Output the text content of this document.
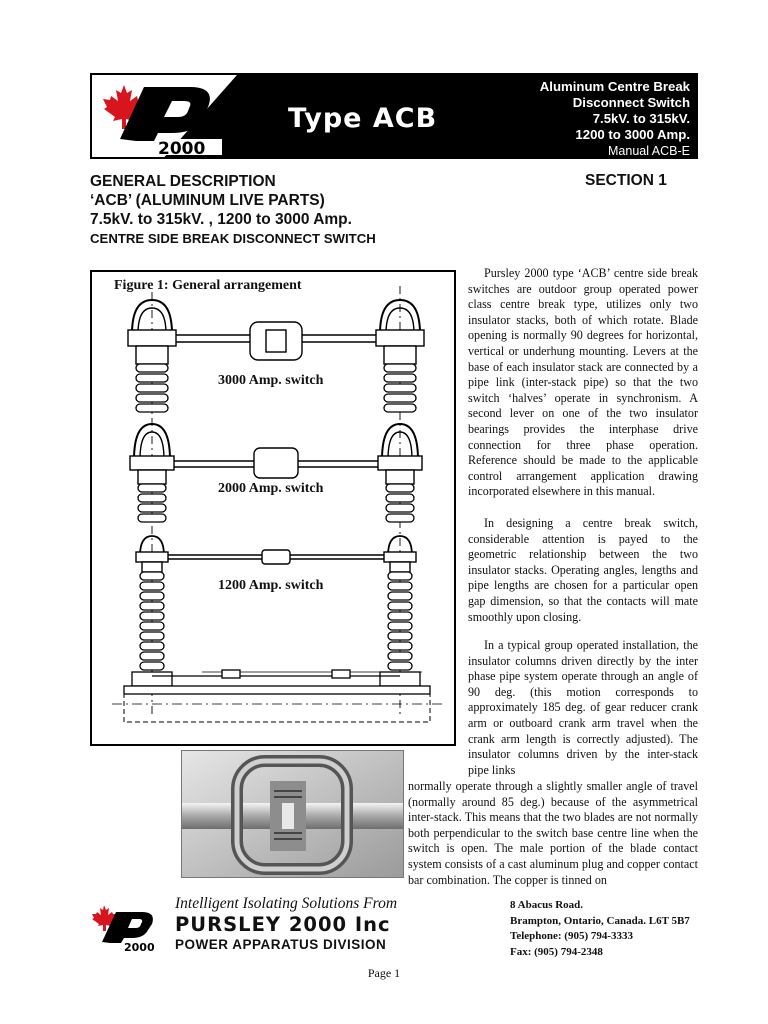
2000
Type ACB
Aluminum Centre Break
Disconnect Switch
7.5kV. to 315kV.
1200 to 3000 Amp.
Manual ACB-E
GENERAL DESCRIPTION
‘ACB’ (ALUMINUM LIVE PARTS)
7.5kV. to 315kV. , 1200 to 3000 Amp.
CENTRE SIDE BREAK DISCONNECT SWITCH
SECTION 1
Figure 1: General arrangement
3000 Amp. switch
2000 Amp. switch
1200 Amp. switch

Pursley 2000 type ‘ACB’ centre side break switches are outdoor group operated power class centre break type, utilizes only two insulator stacks, both of which rotate. Blade opening is normally 90 degrees for horizontal, vertical or underhung mounting. Levers at the base of each insulator stack are connected by a pipe link (inter-stack pipe) so that the two switch ‘halves’ operate in synchronism. A second lever on one of the two insulator bearings provides the interphase drive connection for three phase operation. Reference should be made to the applicable control arrangement application drawing incorporated elsewhere in this manual.

In designing a centre break switch, considerable attention is payed to the geometric relationship between the two insulator stacks. Operating angles, lengths and pipe lengths are chosen for a particular open gap dimension, so that the contacts will mate smoothly upon closing.

In a typical group operated installation, the insulator columns driven directly by the inter phase pipe system operate through an angle of 90 deg. (this motion corresponds to approximately 185 deg. of gear reducer crank arm or outboard crank arm travel when the crank arm length is correctly adjusted). The insulator columns driven by the inter-stack pipe links

normally operate through a slightly smaller angle of travel (normally around 85 deg.) because of the asymmetrical inter-stack. This means that the two blades are not normally both perpendicular to the switch base centre line when the switch is open. The male portion of the blade contact system consists of a cast aluminum plug and copper contact bar combination. The copper is tinned on
2000
Intelligent Isolating Solutions From
PURSLEY 2000 Inc
POWER APPARATUS DIVISION
8 Abacus Road.
Brampton, Ontario, Canada. L6T 5B7
Telephone: (905) 794-3333
Fax: (905) 794-2348
Page 1
